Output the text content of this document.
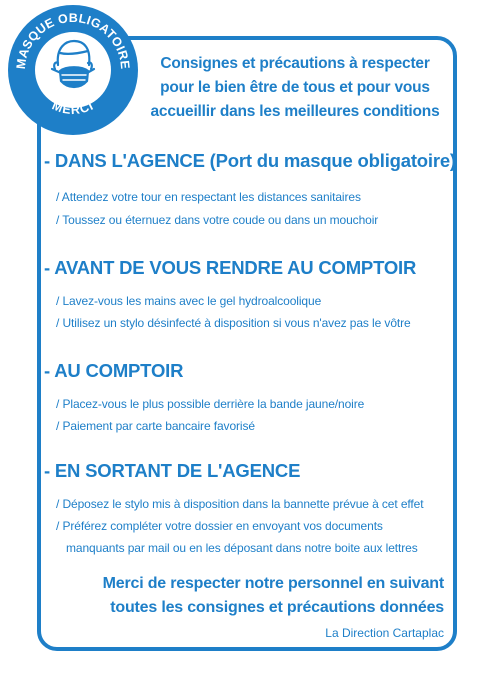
MASQUE OBLIGATOIRE
MERCI
Consignes et précautions à respecter
pour le bien être de tous et pour vous
accueillir dans les meilleures conditions
- DANS L'AGENCE (Port du masque obligatoire)
/ Attendez votre tour en respectant les distances sanitaires
/ Toussez ou éternuez dans votre coude ou dans un mouchoir
- AVANT DE VOUS RENDRE AU COMPTOIR
/ Lavez-vous les mains avec le gel hydroalcoolique
/ Utilisez un stylo désinfecté à disposition si vous n'avez pas le vôtre
- AU COMPTOIR
/ Placez-vous le plus possible derrière la bande jaune/noire
/ Paiement par carte bancaire favorisé
- EN SORTANT DE L'AGENCE
/ Déposez le stylo mis à disposition dans la bannette prévue à cet effet
/ Préférez compléter votre dossier en envoyant vos documents
manquants par mail ou en les déposant dans notre boite aux lettres
Merci de respecter notre personnel en suivant
toutes les consignes et précautions données
La Direction Cartaplac
